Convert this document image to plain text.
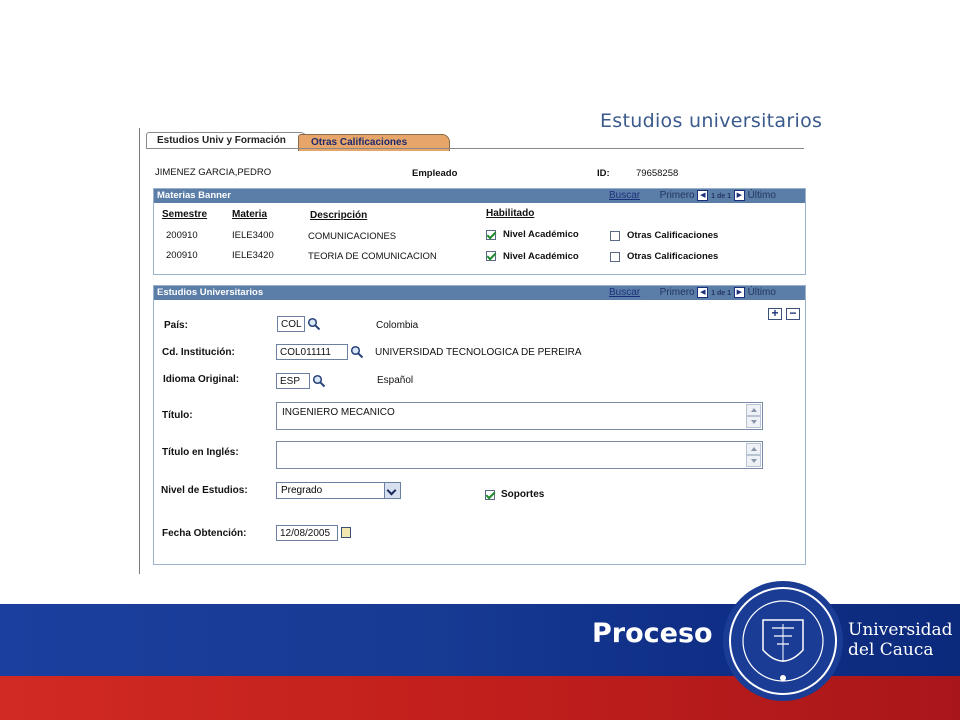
Estudios universitarios
Estudios Univ y Formación	Otras Calificaciones
JIMENEZ GARCIA,PEDRO	Empleado	ID:	79658258
Materias Banner	Buscar Primero ◀ 1 de 1 ▶ Último
Semestre Materia	Descripción	Habilitado
200910	IELE3400	COMUNICACIONES	Nivel Académico	Otras Calificaciones
200910	IELE3420	TEORIA DE COMUNICACION	Nivel Académico	Otras Calificaciones
Estudios Universitarios	Buscar Primero ◀ 1 de 1 ▶ Último
+ −
País:	COL	Colombia
Cd. Institución:	COL011111	UNIVERSIDAD TECNOLOGICA DE PEREIRA
Idioma Original:	ESP	Español
Título:	INGENIERO MECANICO
Título en Inglés:
Nivel de Estudios:	Pregrado	Soportes
Fecha Obtención:	12/08/2005
Proceso	Universidad
del Cauca
